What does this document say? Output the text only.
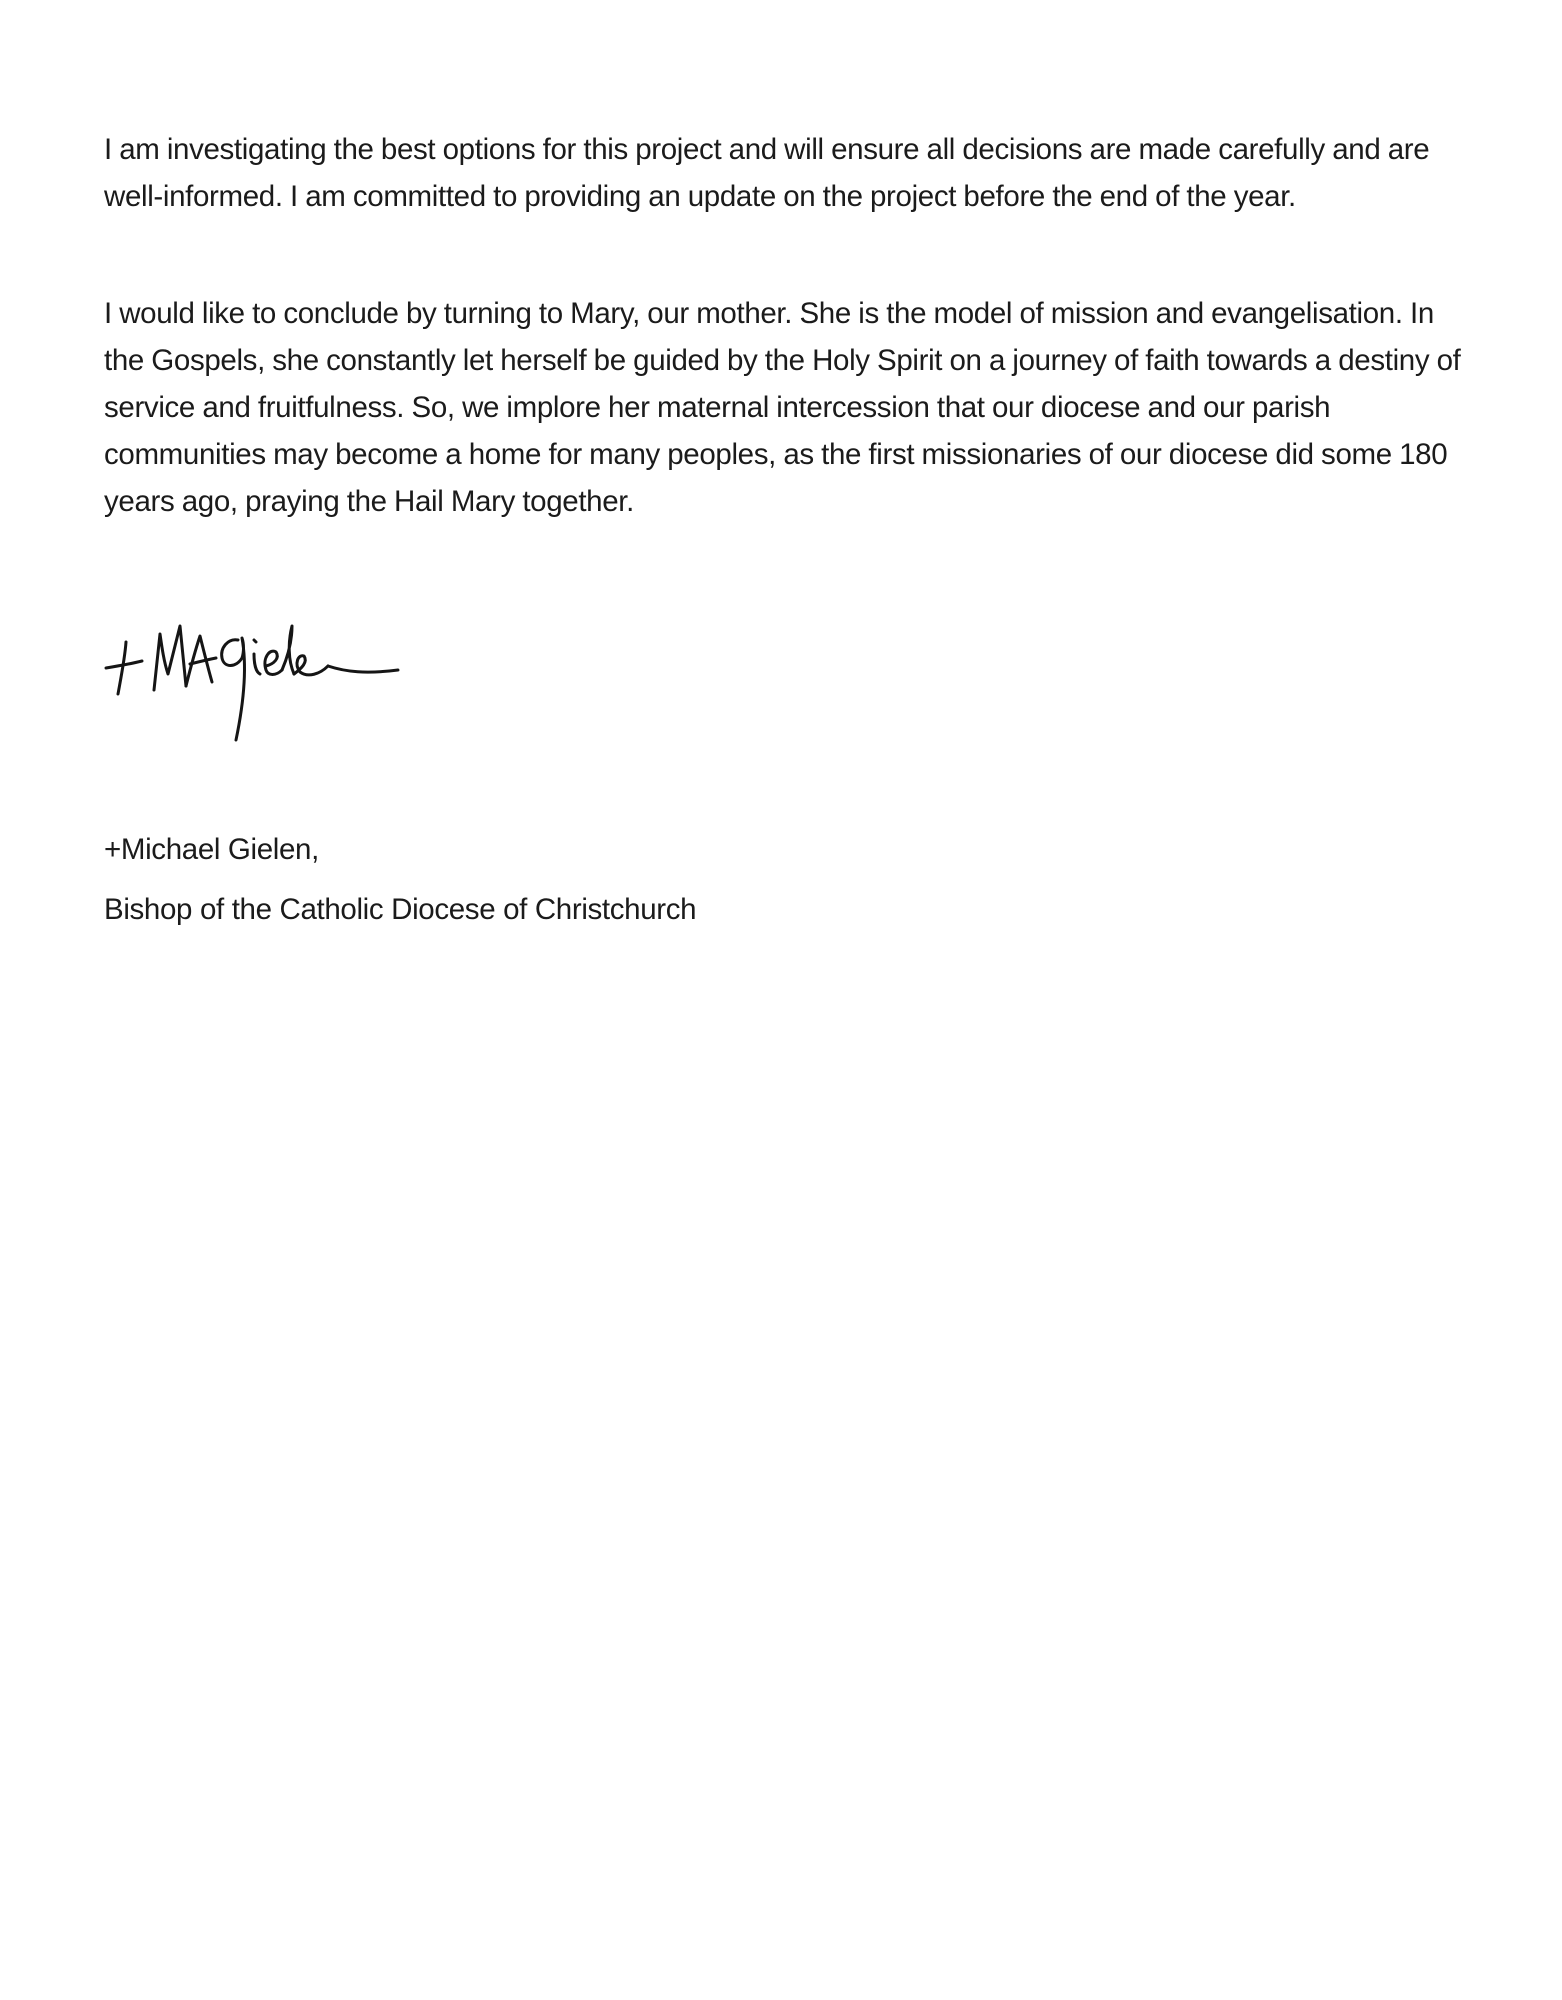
I am investigating the best options for this project and will ensure all decisions are made carefully and are well-informed. I am committed to providing an update on the project before the end of the year.

I would like to conclude by turning to Mary, our mother. She is the model of mission and evangelisation. In the Gospels, she constantly let herself be guided by the Holy Spirit on a journey of faith towards a destiny of service and fruitfulness. So, we implore her maternal intercession that our diocese and our parish communities may become a home for many peoples, as the first missionaries of our diocese did some 180 years ago, praying the Hail Mary together.

+Michael Gielen,

Bishop of the Catholic Diocese of Christchurch
